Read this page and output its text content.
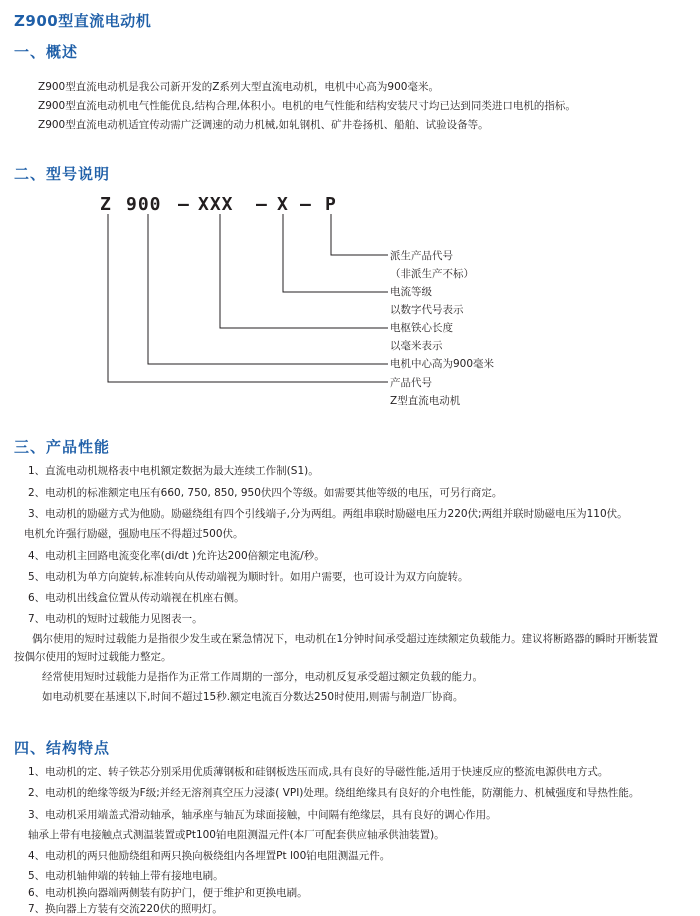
Z900型直流电动机
一、概述
Z900型直流电动机是我公司新开发的Z系列大型直流电动机，电机中心高为900毫米。
Z900型直流电动机电气性能优良,结构合理,体积小。电机的电气性能和结构安装尺寸均已达到同类进口电机的指标。
Z900型直流电动机适宜传动需广泛调速的动力机械,如轧钢机、矿井卷扬机、船舶、试验设备等。
二、型号说明
Z 900 – XXX – X – P
派生产品代号
（非派生产不标）
电流等级
以数字代号表示
电枢铁心长度
以毫米表示
电机中心高为900毫米
产品代号
Z型直流电动机
三、产品性能
1、直流电动机规格表中电机额定数据为最大连续工作制(S1)。
2、电动机的标准额定电压有660, 750, 850, 950伏四个等级。如需要其他等级的电压，可另行商定。
3、电动机的励磁方式为他励。励磁绕组有四个引线端子,分为两组。两组串联时励磁电压力220伏;两组并联时励磁电压为110伏。
电机允许强行励磁，强励电压不得超过500伏。
4、电动机主回路电流变化率(di/dt )允许达200倍额定电流/秒。
5、电动机为单方向旋转,标准转向从传动端视为顺时针。如用户需要，也可设计为双方向旋转。
6、电动机出线盒位置从传动端视在机座右侧。
7、电动机的短时过载能力见图表一。
偶尔使用的短时过载能力是指很少发生或在紧急情况下，电动机在1分钟时间承受超过连续额定负载能力。建议将断路器的瞬时开断装置
按偶尔使用的短时过载能力整定。
经常使用短时过载能力是指作为正常工作周期的一部分，电动机反复承受超过额定负载的能力。
如电动机要在基速以下,时间不超过15秒.额定电流百分数达250时使用,则需与制造厂协商。
四、结构特点
1、电动机的定、转子铁芯分别采用优质薄钢板和硅钢板迭压而成,具有良好的导磁性能,适用于快速反应的整流电源供电方式。
2、电动机的绝缘等级为F级;并经无溶剂真空压力浸漆( VPI)处理。绕组绝缘具有良好的介电性能，防潮能力、机械强度和导热性能。
3、电动机采用端盖式滑动轴承，轴承座与轴瓦为球面接触，中间隔有绝缘层，具有良好的调心作用。
轴承上带有电接触点式测温装置或Pt100铂电阻测温元件(本厂可配套供应轴承供油装置)。
4、电动机的两只他励绕组和两只换向极绕组内各埋置Pt l00铂电阻测温元件。
5、电动机轴伸端的转轴上带有接地电刷。
6、电动机换向器端两侧装有防护门，便于维护和更换电刷。
7、换向器上方装有交流220伏的照明灯。
